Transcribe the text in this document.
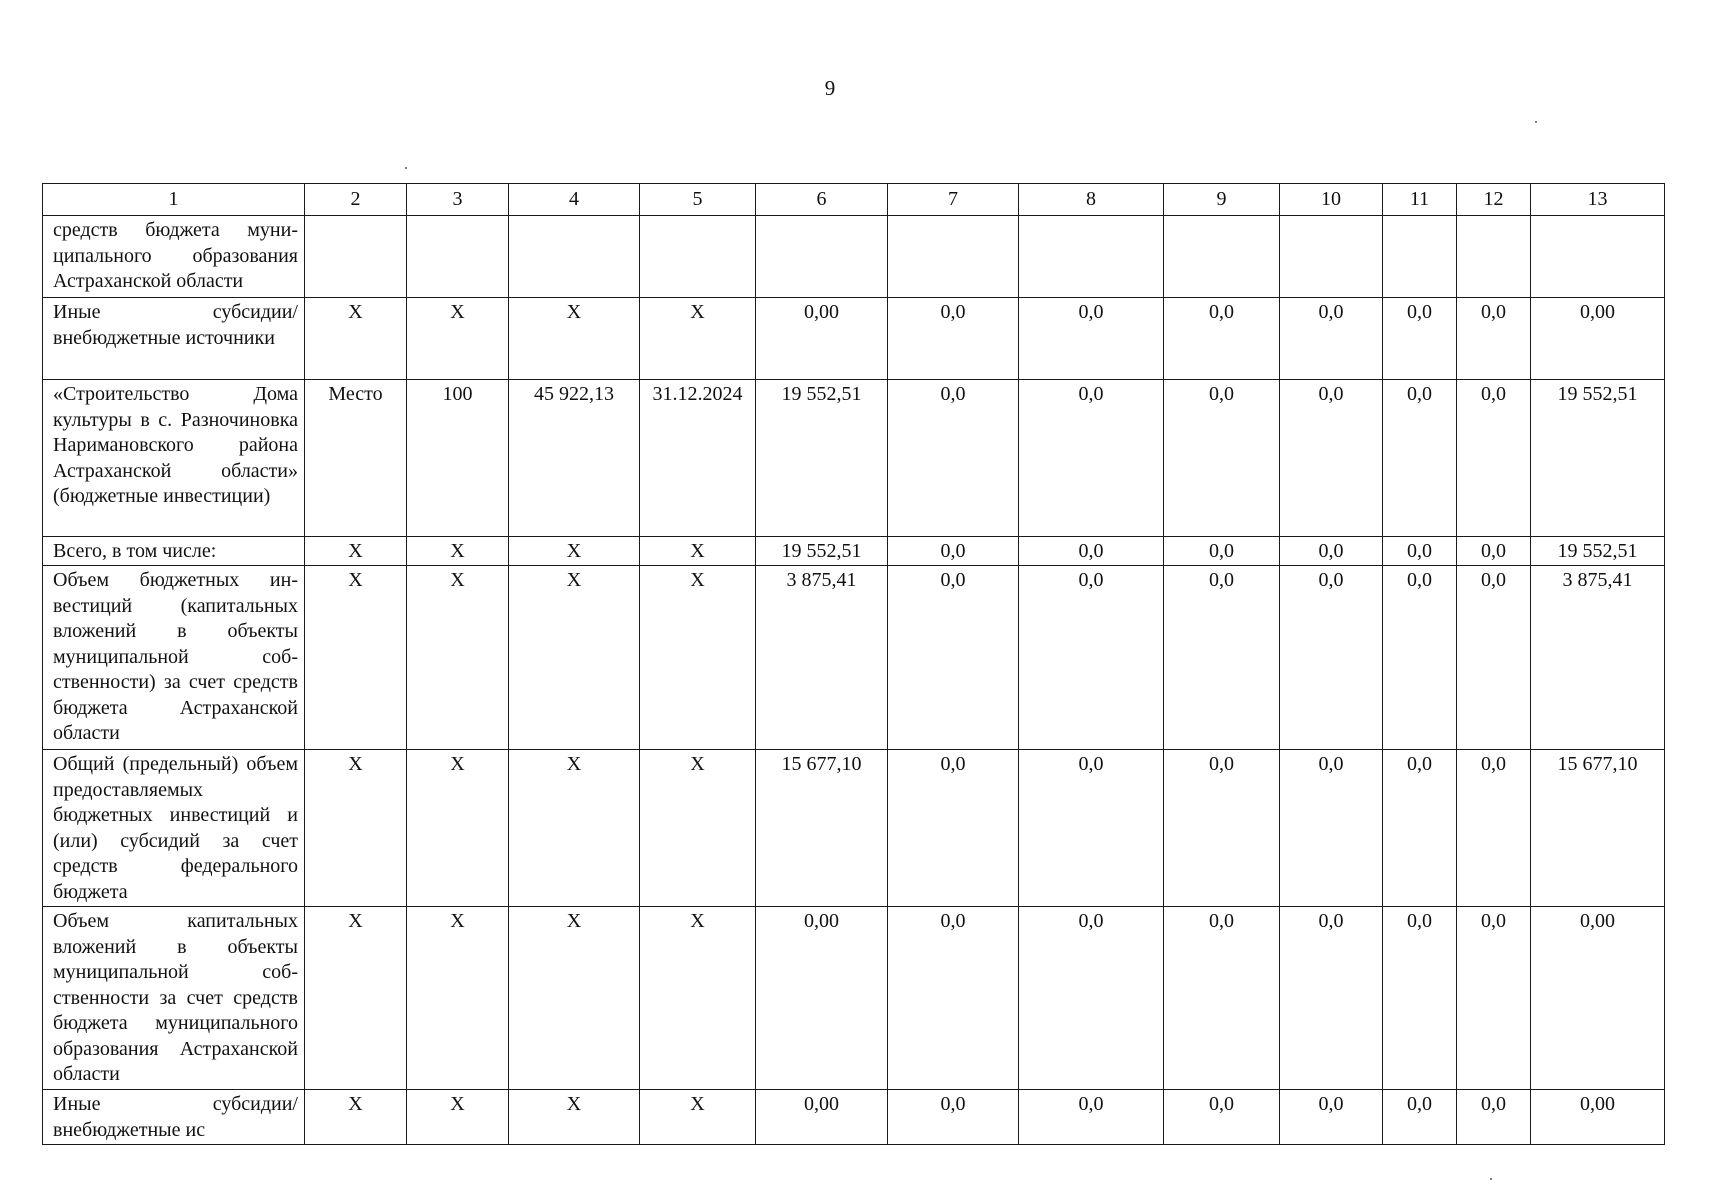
9
1	2	3	4	5	6	7	8	9	10	11	12	13
средств бюджета муниципального образования Астраханской области												
Иные субсидии/внебюджетные источники	X	X	X	X	0,00	0,0	0,0	0,0	0,0	0,0	0,0	0,00
«Строительство Дома культуры в с. Разночиновка Наримановского района Астраханской области» (бюджетные инвестиции)	Место	100	45 922,13	31.12.2024	19 552,51	0,0	0,0	0,0	0,0	0,0	0,0	19 552,51
Всего, в том числе:	X	X	X	X	19 552,51	0,0	0,0	0,0	0,0	0,0	0,0	19 552,51
Объем бюджетных инвестиций (капитальных вложений в объекты муниципальной собственности) за счет средств бюджета Астраханской области	X	X	X	X	3 875,41	0,0	0,0	0,0	0,0	0,0	0,0	3 875,41
Общий (предельный) объем предоставляемых бюджетных инвестиций и (или) субсидий за счет средств федерального бюджета	X	X	X	X	15 677,10	0,0	0,0	0,0	0,0	0,0	0,0	15 677,10
Объем капитальных вложений в объекты муниципальной собственности за счет средств бюджета муниципального образования Астраханской области	X	X	X	X	0,00	0,0	0,0	0,0	0,0	0,0	0,0	0,00
Иные субсидии/внебюджетные ис	X	X	X	X	0,00	0,0	0,0	0,0	0,0	0,0	0,0	0,00
